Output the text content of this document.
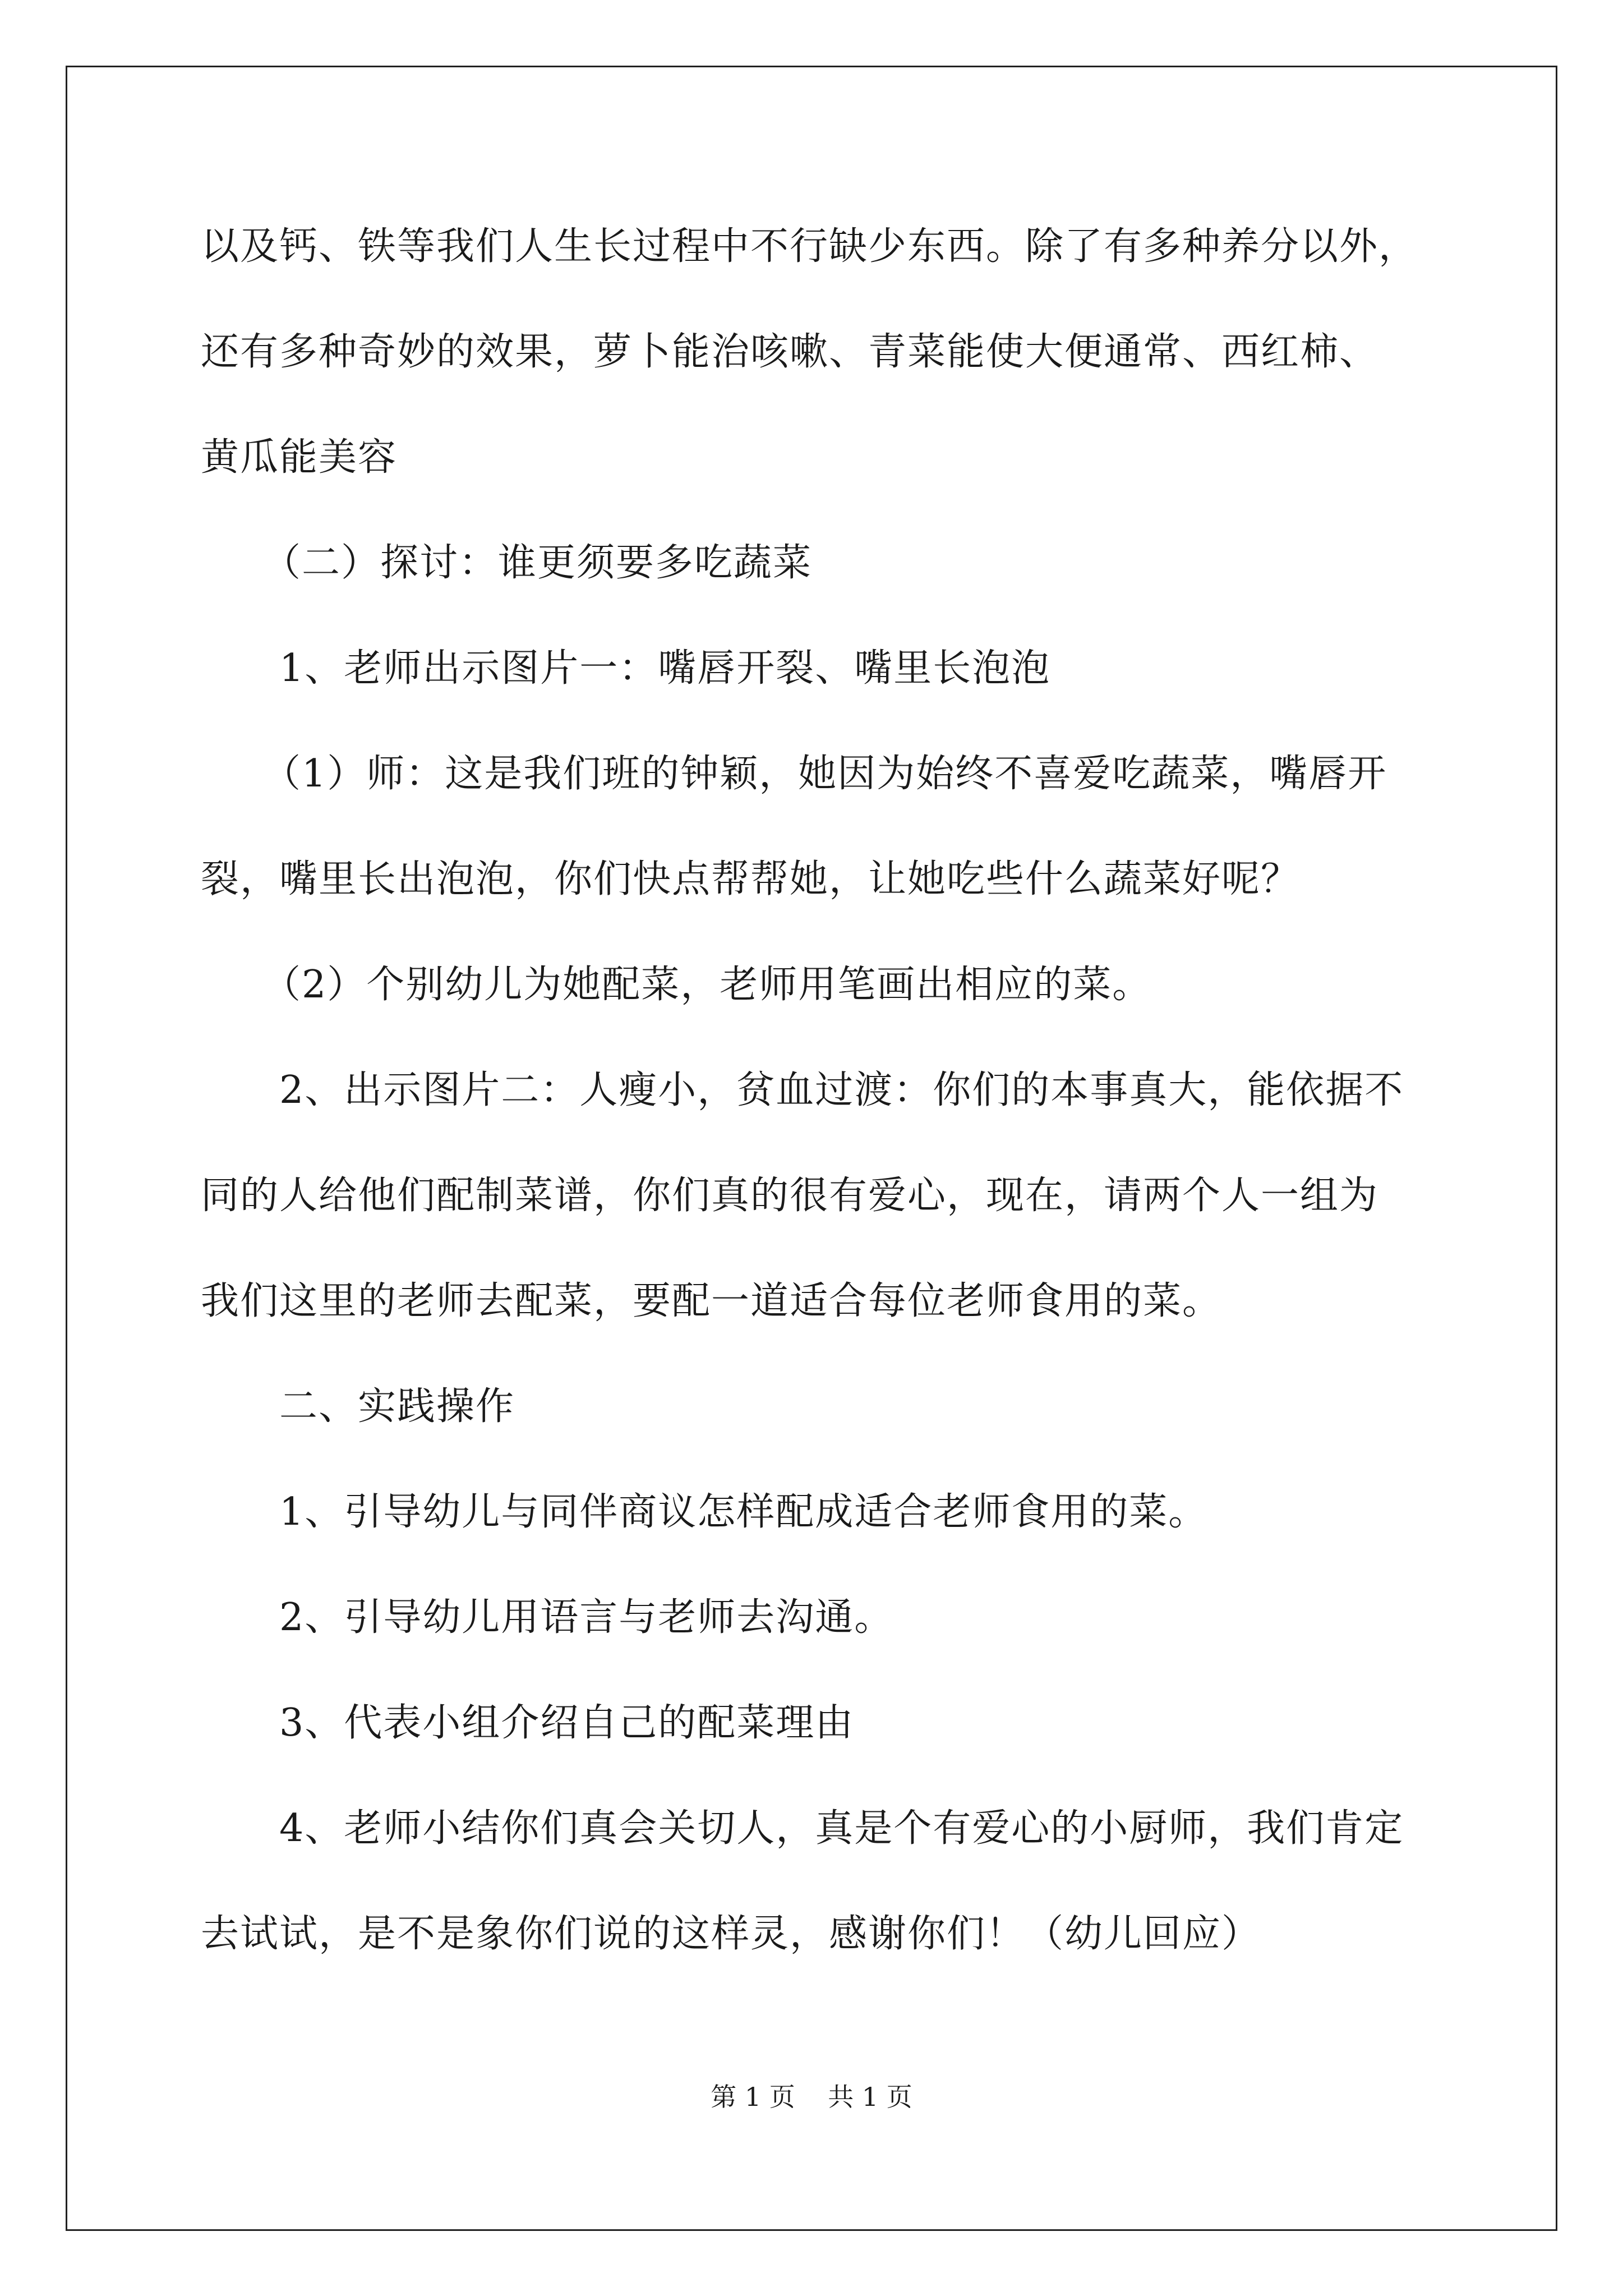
以及钙、铁等我们人生长过程中不行缺少东西。除了有多种养分以外，
还有多种奇妙的效果，萝卜能治咳嗽、青菜能使大便通常、西红柿、
黄瓜能美容
（二）探讨：谁更须要多吃蔬菜
1、老师出示图片一：嘴唇开裂、嘴里长泡泡
（1）师：这是我们班的钟颖，她因为始终不喜爱吃蔬菜，嘴唇开
裂，嘴里长出泡泡，你们快点帮帮她，让她吃些什么蔬菜好呢？
（2）个别幼儿为她配菜，老师用笔画出相应的菜。
2、出示图片二：人瘦小，贫血过渡：你们的本事真大，能依据不
同的人给他们配制菜谱，你们真的很有爱心，现在，请两个人一组为
我们这里的老师去配菜，要配一道适合每位老师食用的菜。
二、实践操作
1、引导幼儿与同伴商议怎样配成适合老师食用的菜。
2、引导幼儿用语言与老师去沟通。
3、代表小组介绍自己的配菜理由
4、老师小结你们真会关切人，真是个有爱心的小厨师，我们肯定
去试试，是不是象你们说的这样灵，感谢你们！（幼儿回应）
第 1 页    共 1 页
